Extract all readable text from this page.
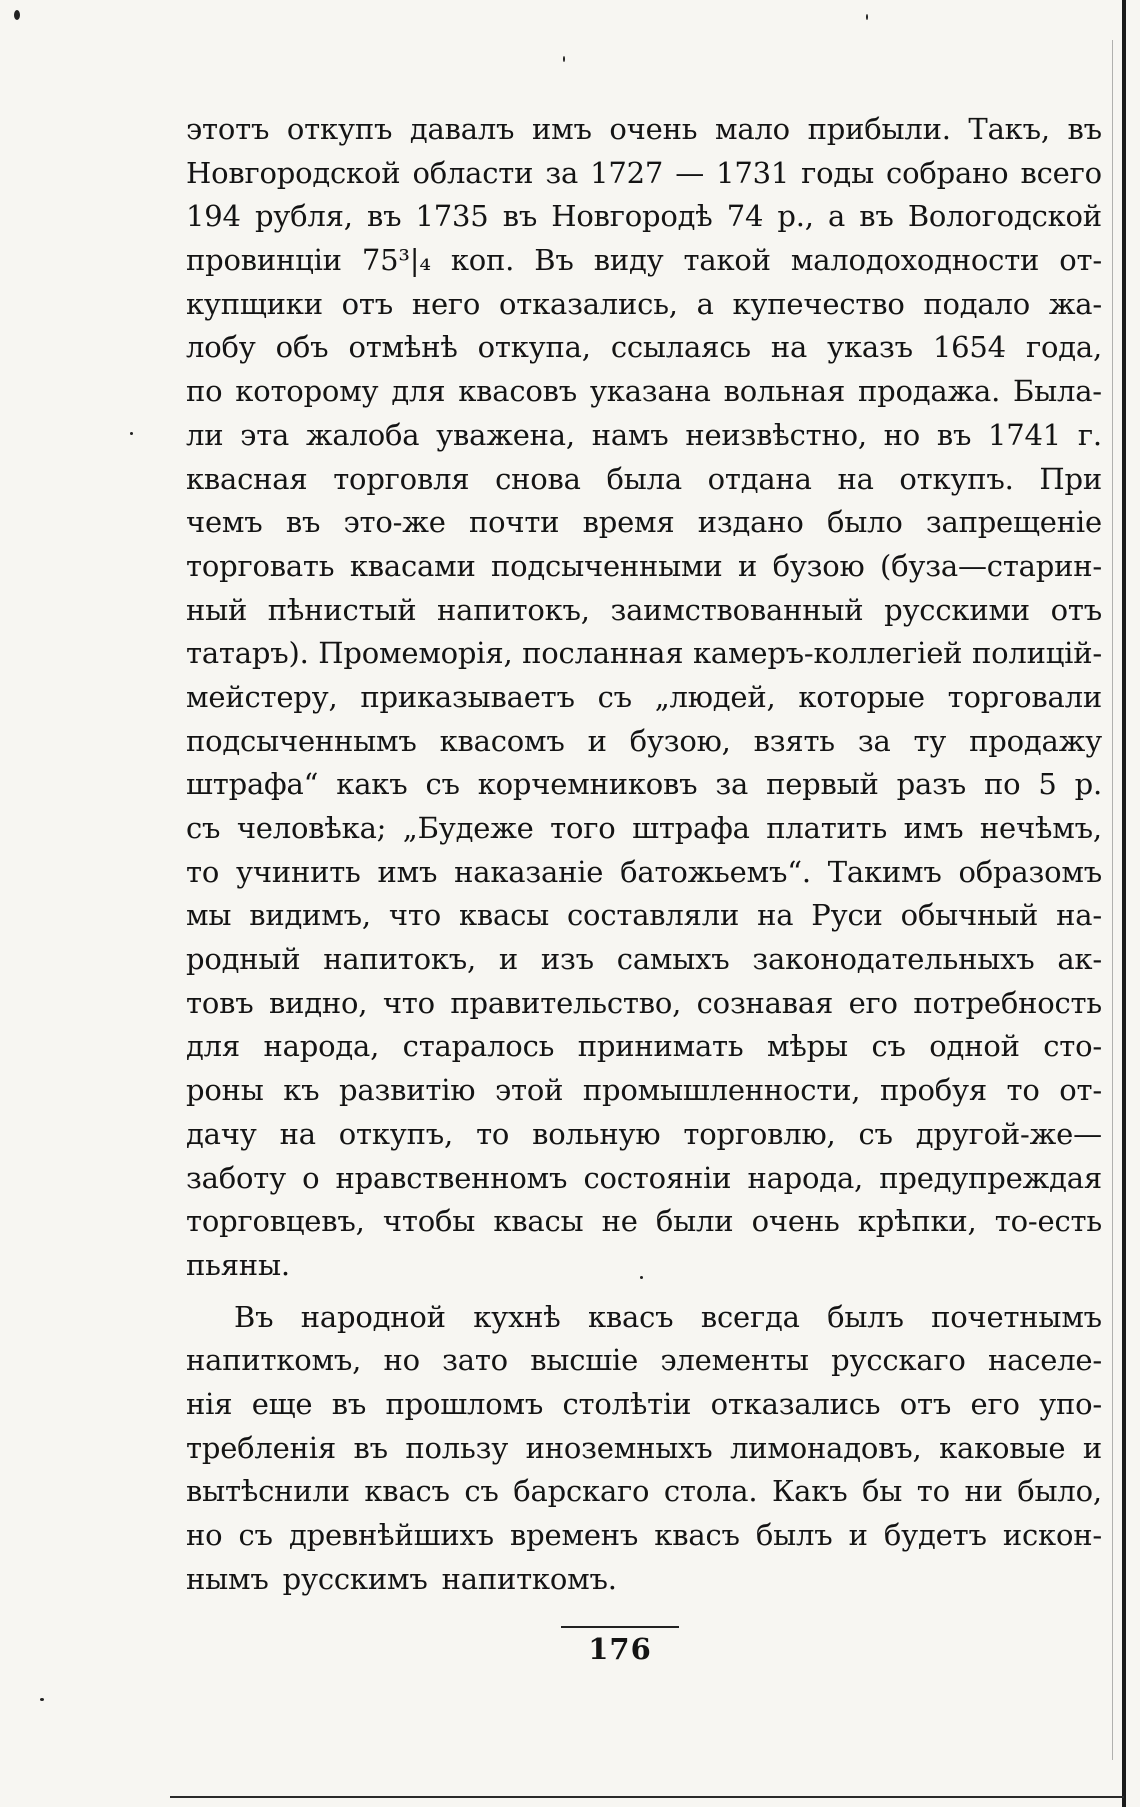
этотъ откупъ давалъ имъ очень мало прибыли. Такъ, въ
Новгородской области за 1727 — 1731 годы собрано всего
194 рубля, въ 1735 въ Новгородѣ 74 р., а въ Вологодской
провинцiи 75³|₄ коп. Въ виду такой малодоходности от-
купщики отъ него отказались, а купечество подало жа-
лобу объ отмѣнѣ откупа, ссылаясь на указъ 1654 года,
по которому для квасовъ указана вольная продажа. Была-
ли эта жалоба уважена, намъ неизвѣстно, но въ 1741 г.
квасная торговля снова была отдана на откупъ. При
чемъ въ это-же почти время издано было запрещенiе
торговать квасами подсыченными и бузою (буза—старин-
ный пѣнистый напитокъ, заимствованный русскими отъ
татаръ). Промеморiя, посланная камеръ-коллегiей полицiй-
мейстеру, приказываетъ съ „людей, которые торговали
подсыченнымъ квасомъ и бузою, взять за ту продажу
штрафа“ какъ съ корчемниковъ за первый разъ по 5 р.
съ человѣка; „Будеже того штрафа платить имъ нечѣмъ,
то учинить имъ наказанiе батожьемъ“. Такимъ образомъ
мы видимъ, что квасы составляли на Руси обычный на-
родный напитокъ, и изъ самыхъ законодательныхъ ак-
товъ видно, что правительство, сознавая его потребность
для народа, старалось принимать мѣры съ одной сто-
роны къ развитiю этой промышленности, пробуя то от-
дачу на откупъ, то вольную торговлю, съ другой-же—
заботу о нравственномъ состоянiи народа, предупреждая
торговцевъ, чтобы квасы не были очень крѣпки, то-есть
пьяны.
Въ народной кухнѣ квасъ всегда былъ почетнымъ
напиткомъ, но зато высшiе элементы русскаго населе-
нiя еще въ прошломъ столѣтiи отказались отъ его упо-
требленiя въ пользу иноземныхъ лимонадовъ, каковые и
вытѣснили квасъ съ барскаго стола. Какъ бы то ни было,
но съ древнѣйшихъ временъ квасъ былъ и будетъ искон-
нымъ русскимъ напиткомъ.
176
